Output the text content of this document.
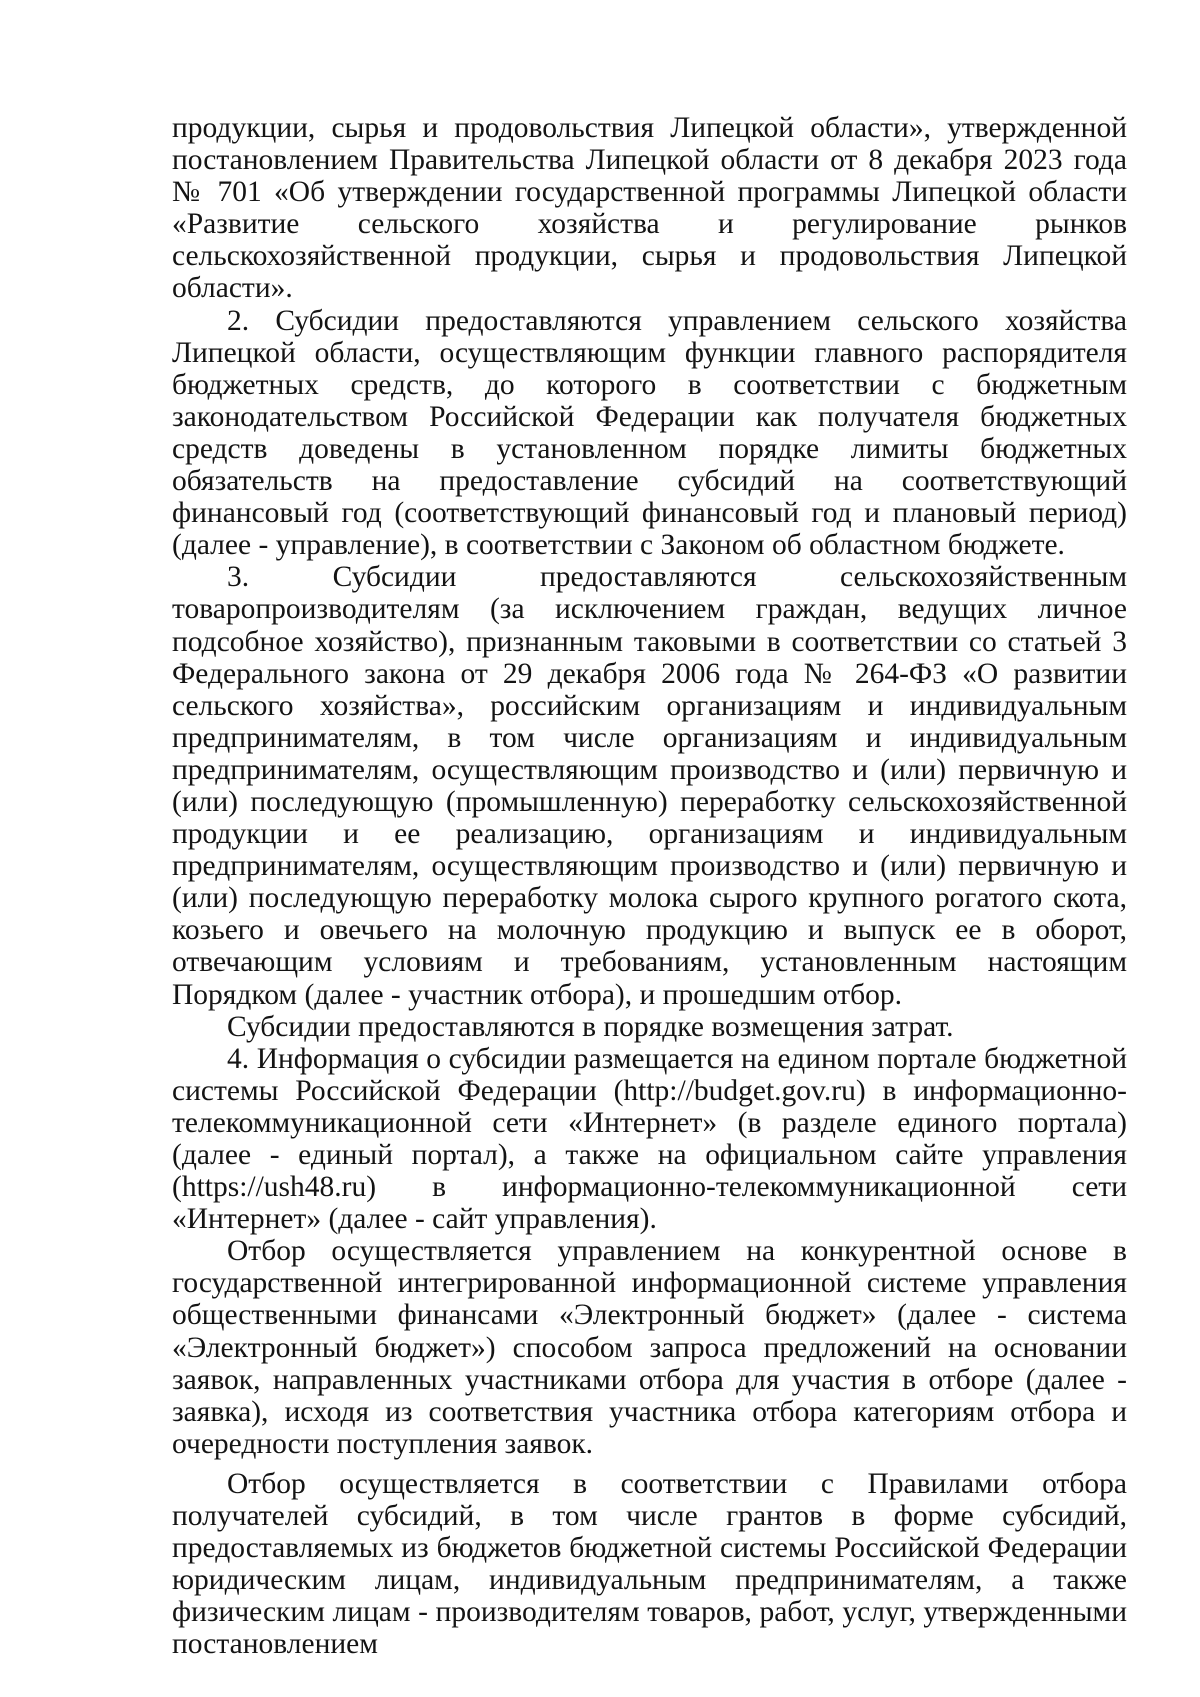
продукции, сырья и продовольствия Липецкой области», утвержденной постановлением Правительства Липецкой области от 8 декабря 2023 года № 701 «Об утверждении государственной программы Липецкой области «Развитие сельского хозяйства и регулирование рынков сельскохозяйственной продукции, сырья и продовольствия Липецкой области».

2. Субсидии предоставляются управлением сельского хозяйства Липецкой области, осуществляющим функции главного распорядителя бюджетных средств, до которого в соответствии с бюджетным законодательством Российской Федерации как получателя бюджетных средств доведены в установленном порядке лимиты бюджетных обязательств на предоставление субсидий на соответствующий финансовый год (соответствующий финансовый год и плановый период) (далее - управление), в соответствии с Законом об областном бюджете.

3. Субсидии предоставляются сельскохозяйственным товаропроизводителям (за исключением граждан, ведущих личное подсобное хозяйство), признанным таковыми в соответствии со статьей 3 Федерального закона от 29 декабря 2006 года № 264-ФЗ «О развитии сельского хозяйства», российским организациям и индивидуальным предпринимателям, в том числе организациям и индивидуальным предпринимателям, осуществляющим производство и (или) первичную и (или) последующую (промышленную) переработку сельскохозяйственной продукции и ее реализацию, организациям и индивидуальным предпринимателям, осуществляющим производство и (или) первичную и (или) последующую переработку молока сырого крупного рогатого скота, козьего и овечьего на молочную продукцию и выпуск ее в оборот, отвечающим условиям и требованиям, установленным настоящим Порядком (далее - участник отбора), и прошедшим отбор.

Субсидии предоставляются в порядке возмещения затрат.

4. Информация о субсидии размещается на едином портале бюджетной системы Российской Федерации (http://budget.gov.ru) в информационно-телекоммуникационной сети «Интернет» (в разделе единого портала) (далее - единый портал), а также на официальном сайте управления (https://ush48.ru) в информационно-телекоммуникационной сети «Интернет» (далее - сайт управления).

Отбор осуществляется управлением на конкурентной основе в государственной интегрированной информационной системе управления общественными финансами «Электронный бюджет» (далее - система «Электронный бюджет») способом запроса предложений на основании заявок, направленных участниками отбора для участия в отборе (далее - заявка), исходя из соответствия участника отбора категориям отбора и очередности поступления заявок.

Отбор осуществляется в соответствии с Правилами отбора получателей субсидий, в том числе грантов в форме субсидий, предоставляемых из бюджетов бюджетной системы Российской Федерации юридическим лицам, индивидуальным предпринимателям, а также физическим лицам - производителям товаров, работ, услуг, утвержденными постановлением
